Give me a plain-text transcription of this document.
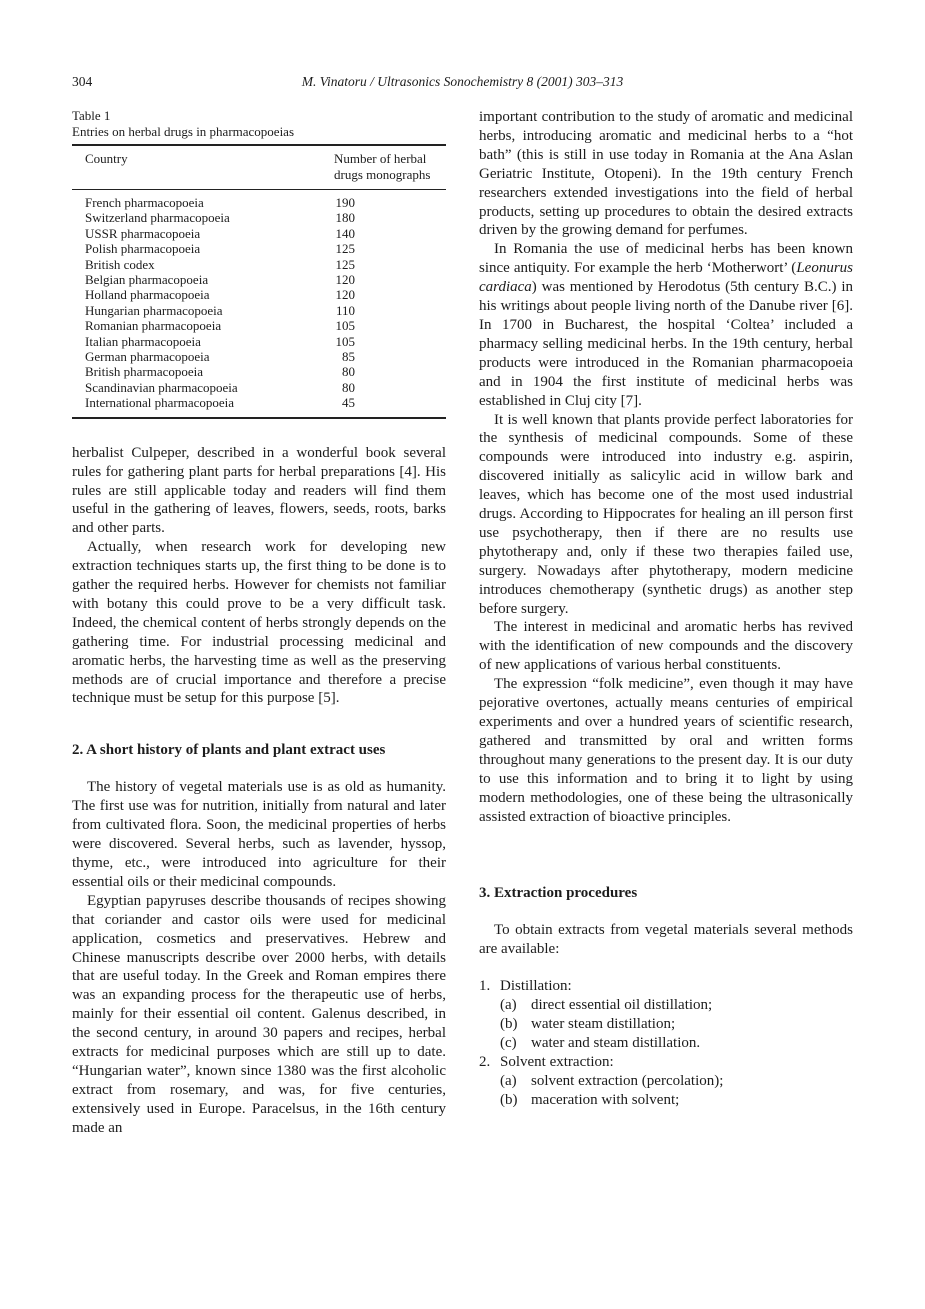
304	M. Vinatoru / Ultrasonics Sonochemistry 8 (2001) 303–313
Table 1
Entries on herbal drugs in pharmacopoeias
Country	Number of herbal
drugs monographs
French pharmacopoeia	190
Switzerland pharmacopoeia	180
USSR pharmacopoeia	140
Polish pharmacopoeia	125
British codex	125
Belgian pharmacopoeia	120
Holland pharmacopoeia	120
Hungarian pharmacopoeia	110
Romanian pharmacopoeia	105
Italian pharmacopoeia	105
German pharmacopoeia	85
British pharmacopoeia	80
Scandinavian pharmacopoeia	80
International pharmacopoeia	45

herbalist Culpeper, described in a wonderful book several rules for gathering plant parts for herbal preparations [4]. His rules are still applicable today and readers will find them useful in the gathering of leaves, flowers, seeds, roots, barks and other parts.

Actually, when research work for developing new extraction techniques starts up, the first thing to be done is to gather the required herbs. However for chemists not familiar with botany this could prove to be a very difficult task. Indeed, the chemical content of herbs strongly depends on the gathering time. For industrial processing medicinal and aromatic herbs, the harvesting time as well as the preserving methods are of crucial importance and therefore a precise technique must be setup for this purpose [5].

2. A short history of plants and plant extract uses

The history of vegetal materials use is as old as humanity. The first use was for nutrition, initially from natural and later from cultivated flora. Soon, the medicinal properties of herbs were discovered. Several herbs, such as lavender, hyssop, thyme, etc., were introduced into agriculture for their essential oils or their medicinal compounds.

Egyptian papyruses describe thousands of recipes showing that coriander and castor oils were used for medicinal application, cosmetics and preservatives. Hebrew and Chinese manuscripts describe over 2000 herbs, with details that are useful today. In the Greek and Roman empires there was an expanding process for the therapeutic use of herbs, mainly for their essential oil content. Galenus described, in the second century, in around 30 papers and recipes, herbal extracts for medicinal purposes which are still up to date. “Hungarian water”, known since 1380 was the first alcoholic extract from rosemary, and was, for five centuries, extensively used in Europe. Paracelsus, in the 16th century made an

important contribution to the study of aromatic and medicinal herbs, introducing aromatic and medicinal herbs to a “hot bath” (this is still in use today in Romania at the Ana Aslan Geriatric Institute, Otopeni). In the 19th century French researchers extended investigations into the field of herbal products, setting up procedures to obtain the desired extracts driven by the growing demand for perfumes.

In Romania the use of medicinal herbs has been known since antiquity. For example the herb ‘Motherwort’ (Leonurus cardiaca) was mentioned by Herodotus (5th century B.C.) in his writings about people living north of the Danube river [6]. In 1700 in Bucharest, the hospital ‘Coltea’ included a pharmacy selling medicinal herbs. In the 19th century, herbal products were introduced in the Romanian pharmacopoeia and in 1904 the first institute of medicinal herbs was established in Cluj city [7].

It is well known that plants provide perfect laboratories for the synthesis of medicinal compounds. Some of these compounds were introduced into industry e.g. aspirin, discovered initially as salicylic acid in willow bark and leaves, which has become one of the most used industrial drugs. According to Hippocrates for healing an ill person first use psychotherapy, then if there are no results use phytotherapy and, only if these two therapies failed use, surgery. Nowadays after phytotherapy, modern medicine introduces chemotherapy (synthetic drugs) as another step before surgery.

The interest in medicinal and aromatic herbs has revived with the identification of new compounds and the discovery of new applications of various herbal constituents.

The expression “folk medicine”, even though it may have pejorative overtones, actually means centuries of empirical experiments and over a hundred years of scientific research, gathered and transmitted by oral and written forms throughout many generations to the present day. It is our duty to use this information and to bring it to light by using modern methodologies, one of these being the ultrasonically assisted extraction of bioactive principles.

3. Extraction procedures

To obtain extracts from vegetal materials several methods are available:

1. Distillation:
(a) direct essential oil distillation;
(b) water steam distillation;
(c) water and steam distillation.
2. Solvent extraction:
(a) solvent extraction (percolation);
(b) maceration with solvent;
